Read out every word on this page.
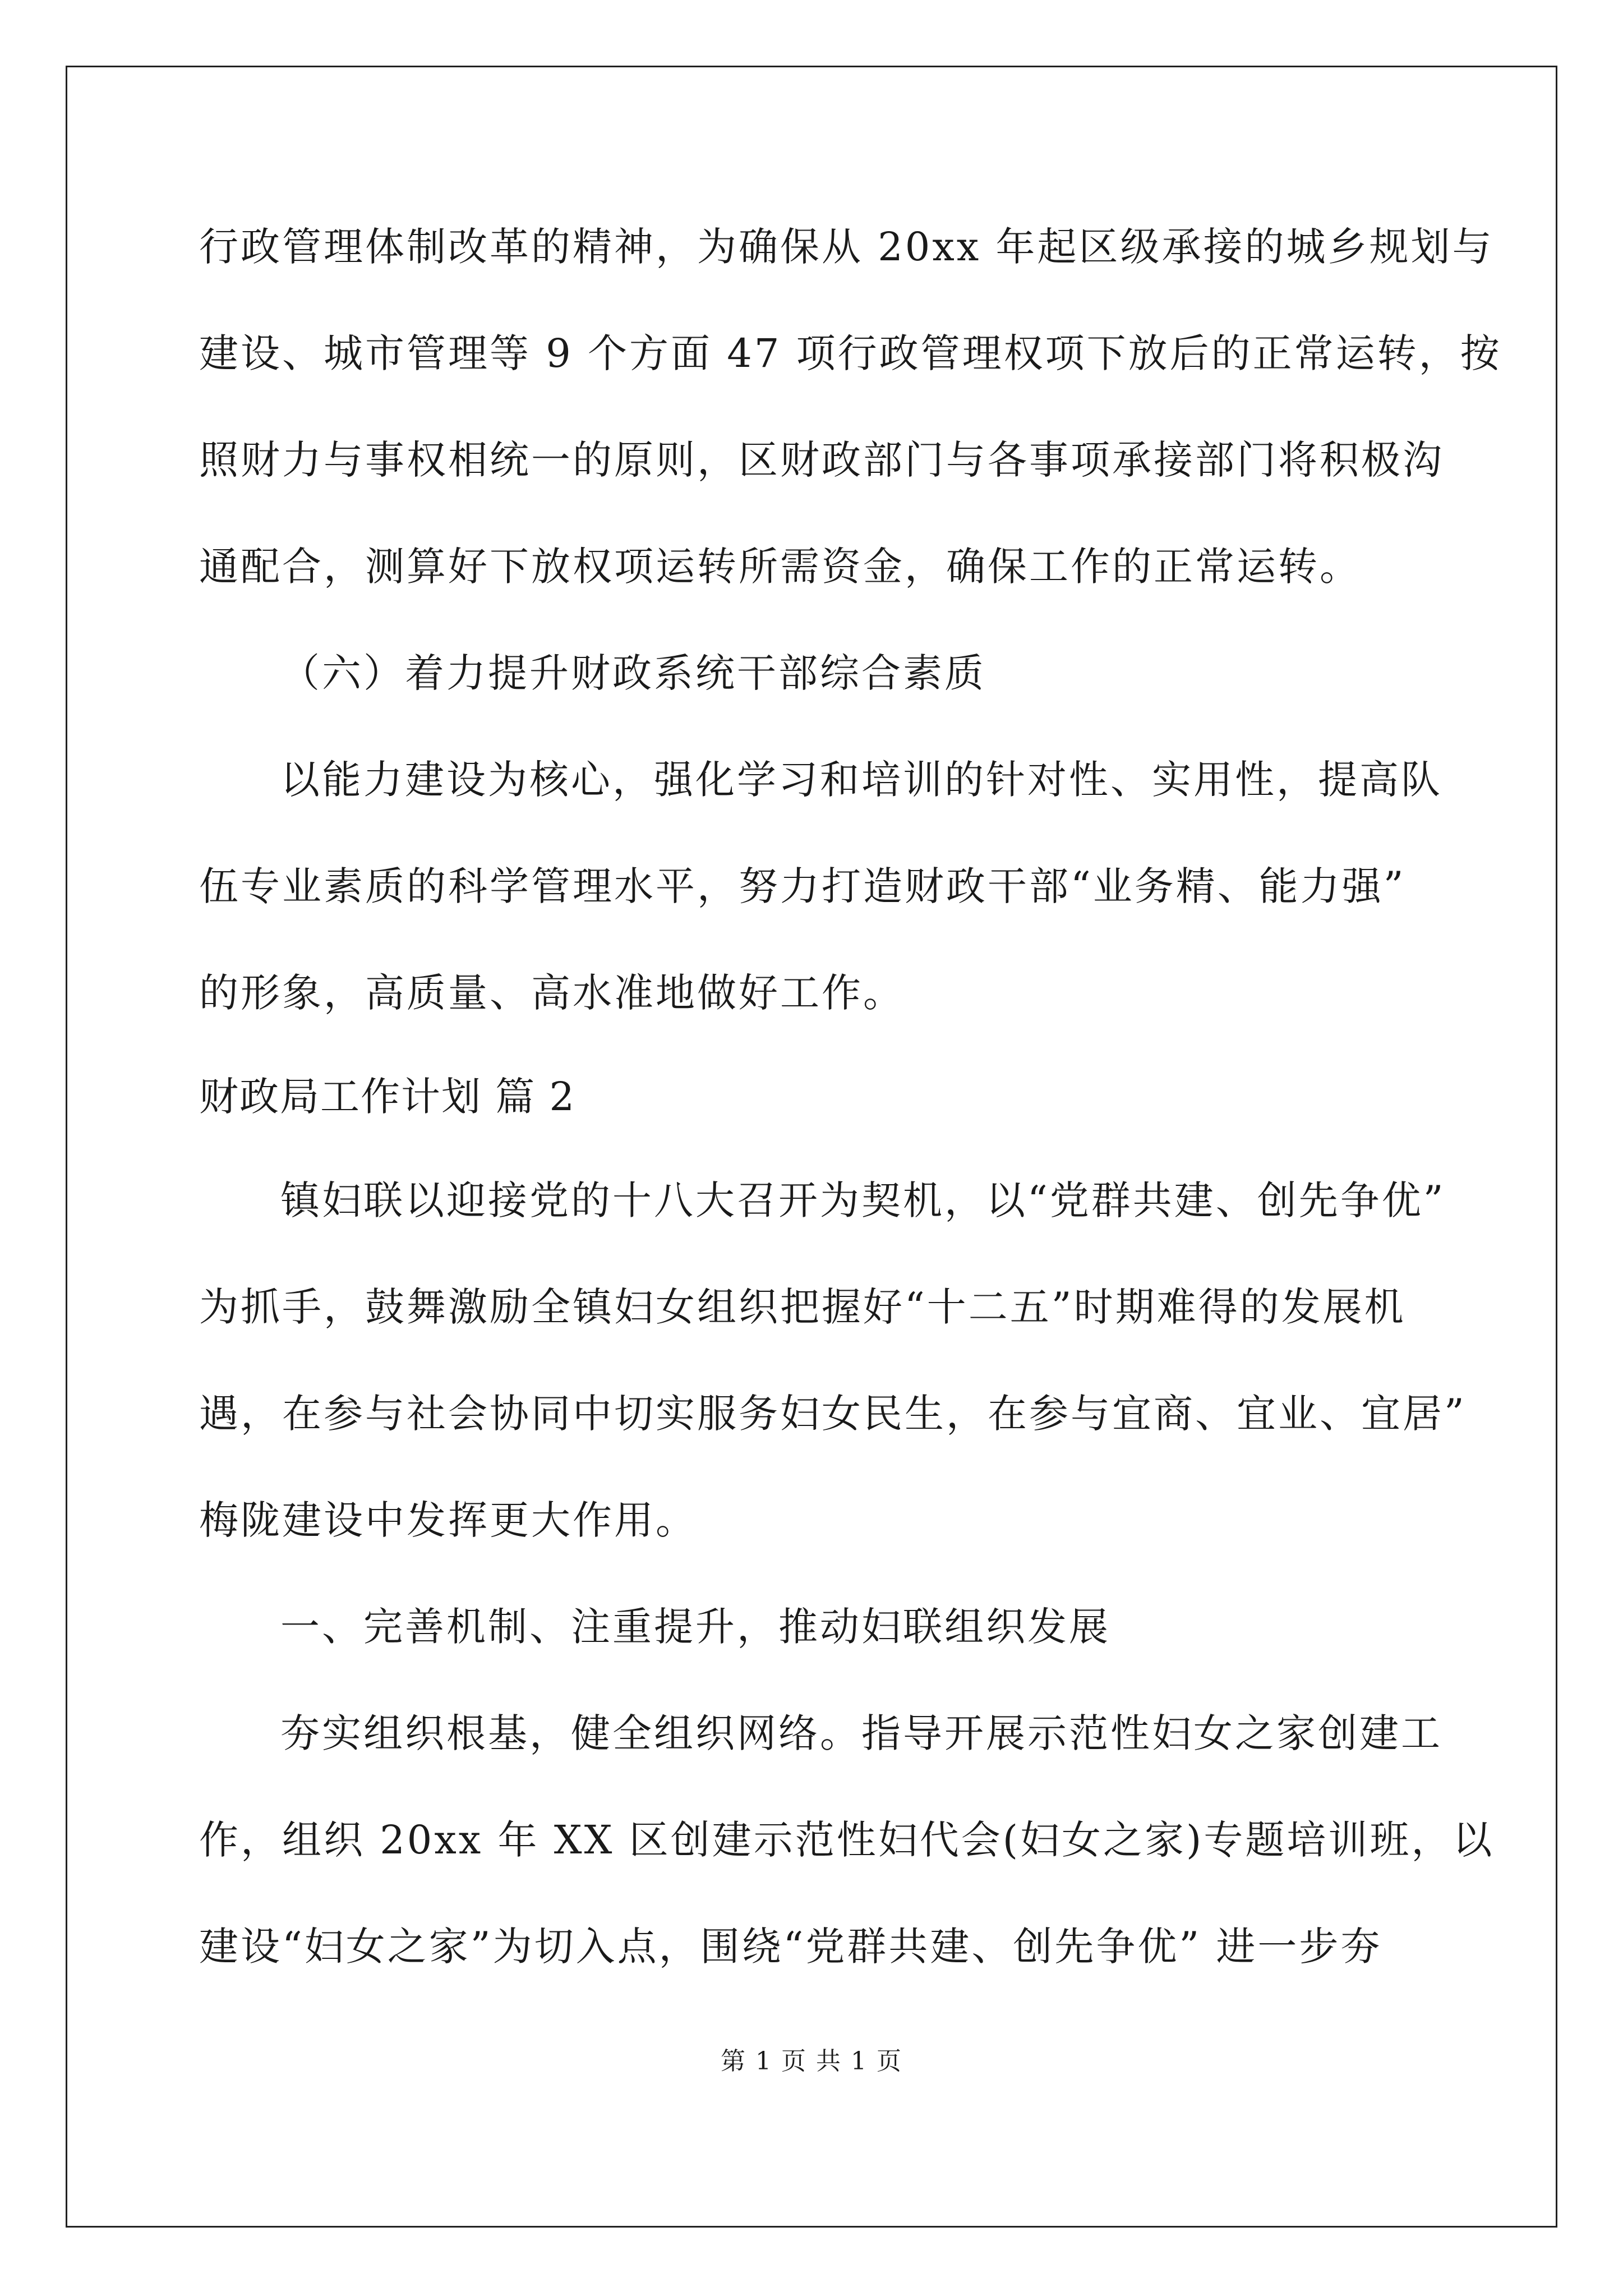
行政管理体制改革的精神，为确保从 20xx 年起区级承接的城乡规划与
建设、城市管理等 9 个方面 47 项行政管理权项下放后的正常运转，按
照财力与事权相统一的原则，区财政部门与各事项承接部门将积极沟
通配合，测算好下放权项运转所需资金，确保工作的正常运转。
（六）着力提升财政系统干部综合素质
以能力建设为核心，强化学习和培训的针对性、实用性，提高队
伍专业素质的科学管理水平，努力打造财政干部“业务精、能力强”
的形象，高质量、高水准地做好工作。
财政局工作计划 篇 2
镇妇联以迎接党的十八大召开为契机，以“党群共建、创先争优”
为抓手，鼓舞激励全镇妇女组织把握好“十二五”时期难得的发展机
遇，在参与社会协同中切实服务妇女民生，在参与宜商、宜业、宜居”
梅陇建设中发挥更大作用。
一、完善机制、注重提升，推动妇联组织发展
夯实组织根基，健全组织网络。指导开展示范性妇女之家创建工
作，组织 20xx 年 XX 区创建示范性妇代会(妇女之家)专题培训班，以
建设“妇女之家”为切入点，围绕“党群共建、创先争优” 进一步夯
第 1 页 共 1 页
